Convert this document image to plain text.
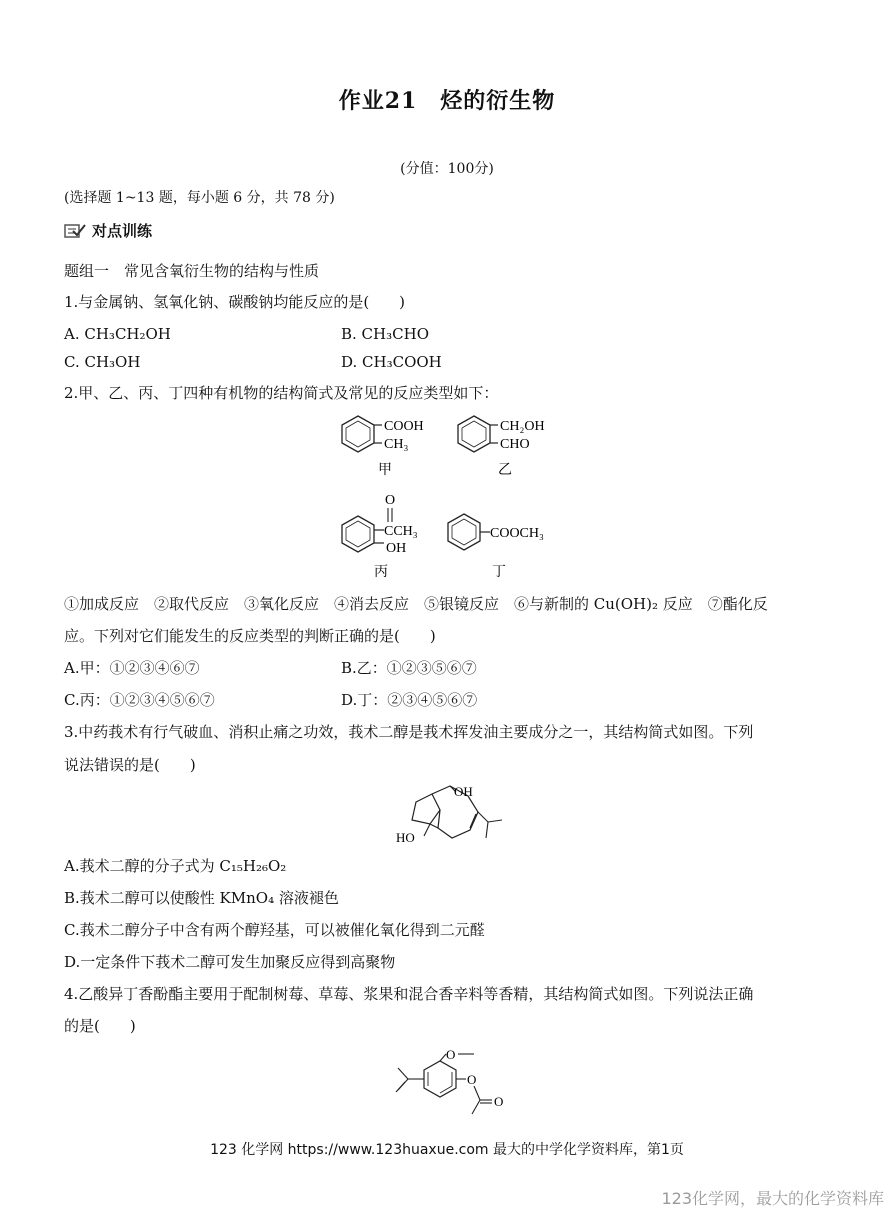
作业21　烃的衍生物
(分值：100分)
(选择题 1~13 题，每小题 6 分，共 78 分)
对点训练
题组一　常见含氧衍生物的结构与性质
1.与金属钠、氢氧化钠、碳酸钠均能反应的是(　　)
A. CH₃CH₂OH	B. CH₃CHO
C. CH₃OH	D. CH₃COOH
2.甲、乙、丙、丁四种有机物的结构简式及常见的反应类型如下：
COOH
CH₃
甲
CH₂OH
CHO
乙
O
CCH₃
OH
丙
COOCH₃
丁
①加成反应　②取代反应　③氧化反应　④消去反应　⑤银镜反应　⑥与新制的 Cu(OH)₂ 反应　⑦酯化反
应。下列对它们能发生的反应类型的判断正确的是(　　)
A.甲：①②③④⑥⑦	B.乙：①②③⑤⑥⑦
C.丙：①②③④⑤⑥⑦	D.丁：②③④⑤⑥⑦
3.中药莪术有行气破血、消积止痛之功效，莪术二醇是莪术挥发油主要成分之一，其结构简式如图。下列
说法错误的是(　　)
OH
HO
A.莪术二醇的分子式为 C₁₅H₂₆O₂
B.莪术二醇可以使酸性 KMnO₄ 溶液褪色
C.莪术二醇分子中含有两个醇羟基，可以被催化氧化得到二元醛
D.一定条件下莪术二醇可发生加聚反应得到高聚物
4.乙酸异丁香酚酯主要用于配制树莓、草莓、浆果和混合香辛料等香精，其结构简式如图。下列说法正确
的是(　　)
O
O
O
123 化学网 https://www.123huaxue.com 最大的中学化学资料库，第1页
123化学网，最大的化学资料库
